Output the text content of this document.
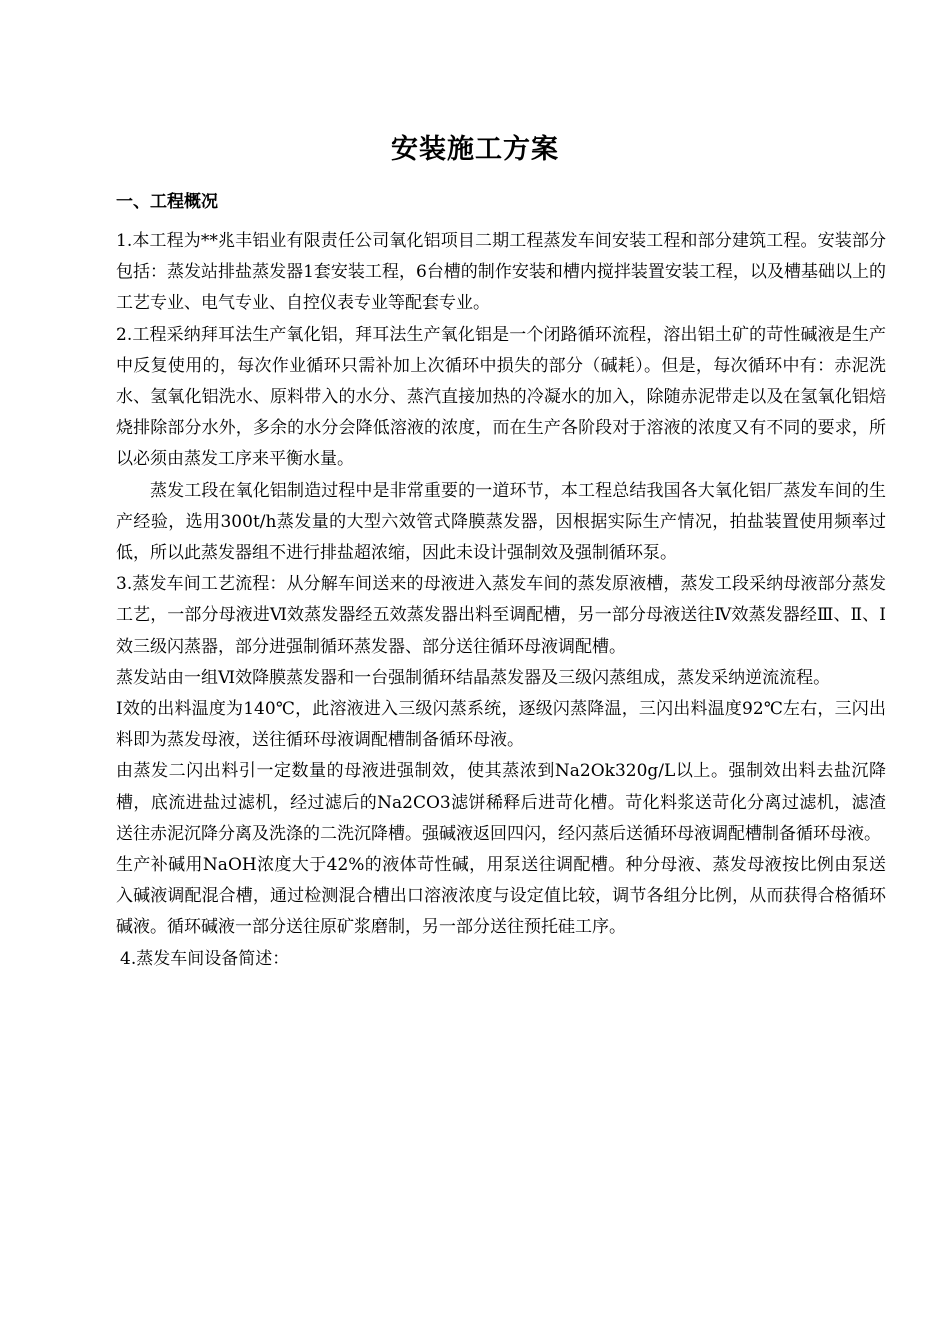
安装施工方案
一、工程概况

1.本工程为**兆丰铝业有限责任公司氧化铝项目二期工程蒸发车间安装工程和部分建筑工程。安装部分包括：蒸发站排盐蒸发器1套安装工程，6台槽的制作安装和槽内搅拌装置安装工程，以及槽基础以上的工艺专业、电气专业、自控仪表专业等配套专业。

2.工程采纳拜耳法生产氧化铝，拜耳法生产氧化铝是一个闭路循环流程，溶出铝土矿的苛性碱液是生产中反复使用的，每次作业循环只需补加上次循环中损失的部分（碱耗）。但是，每次循环中有：赤泥洗水、氢氧化铝洗水、原料带入的水分、蒸汽直接加热的冷凝水的加入，除随赤泥带走以及在氢氧化铝焙烧排除部分水外，多余的水分会降低溶液的浓度，而在生产各阶段对于溶液的浓度又有不同的要求，所以必须由蒸发工序来平衡水量。

蒸发工段在氧化铝制造过程中是非常重要的一道环节，本工程总结我国各大氧化铝厂蒸发车间的生产经验，选用300t/h蒸发量的大型六效管式降膜蒸发器，因根据实际生产情况，拍盐装置使用频率过低，所以此蒸发器组不进行排盐超浓缩，因此未设计强制效及强制循环泵。

3.蒸发车间工艺流程：从分解车间送来的母液进入蒸发车间的蒸发原液槽，蒸发工段采纳母液部分蒸发工艺，一部分母液进Ⅵ效蒸发器经五效蒸发器出料至调配槽，另一部分母液送往Ⅳ效蒸发器经Ⅲ、Ⅱ、Ⅰ效三级闪蒸器，部分进强制循环蒸发器、部分送往循环母液调配槽。

蒸发站由一组Ⅵ效降膜蒸发器和一台强制循环结晶蒸发器及三级闪蒸组成，蒸发采纳逆流流程。

Ⅰ效的出料温度为140℃，此溶液进入三级闪蒸系统，逐级闪蒸降温，三闪出料温度92℃左右，三闪出料即为蒸发母液，送往循环母液调配槽制备循环母液。

由蒸发二闪出料引一定数量的母液进强制效，使其蒸浓到Na2Ok320g/L以上。强制效出料去盐沉降槽，底流进盐过滤机，经过滤后的Na2CO3滤饼稀释后进苛化槽。苛化料浆送苛化分离过滤机，滤渣送往赤泥沉降分离及洗涤的二洗沉降槽。强碱液返回四闪，经闪蒸后送循环母液调配槽制备循环母液。

生产补碱用NaOH浓度大于42%的液体苛性碱，用泵送往调配槽。种分母液、蒸发母液按比例由泵送入碱液调配混合槽，通过检测混合槽出口溶液浓度与设定值比较，调节各组分比例，从而获得合格循环碱液。循环碱液一部分送往原矿浆磨制，另一部分送往预托硅工序。

4.蒸发车间设备简述：
